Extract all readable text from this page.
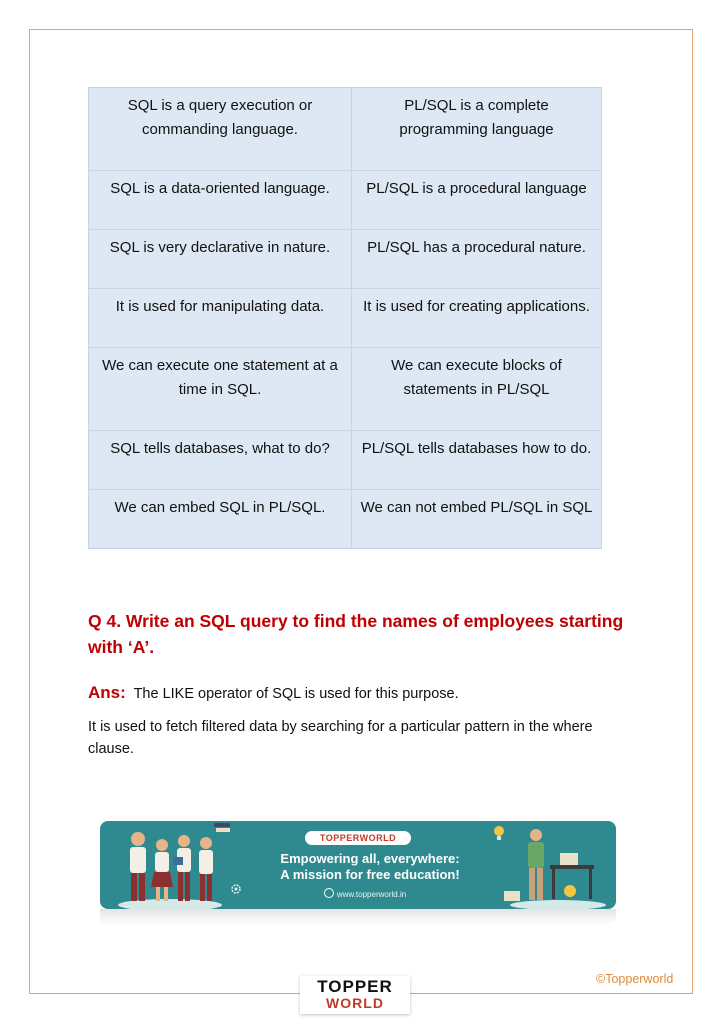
SQL is a query execution or commanding language.	PL/SQL is a complete programming language
SQL is a data-oriented language.	PL/SQL is a procedural language
SQL is very declarative in nature.	PL/SQL has a procedural nature.
It is used for manipulating data.	It is used for creating applications.
We can execute one statement at a time in SQL.	We can execute blocks of statements in PL/SQL
SQL tells databases, what to do?	PL/SQL tells databases how to do.
We can embed SQL in PL/SQL.	We can not embed PL/SQL in SQL
Q 4. Write an SQL query to find the names of employees starting with ‘A’.
Ans: The LIKE operator of SQL is used for this purpose.
It is used to fetch filtered data by searching for a particular pattern in the where clause.
TOPPERWORLD
Empowering all, everywhere:
A mission for free education!
www.topperworld.in
TOPPER
WORLD
©Topperworld
